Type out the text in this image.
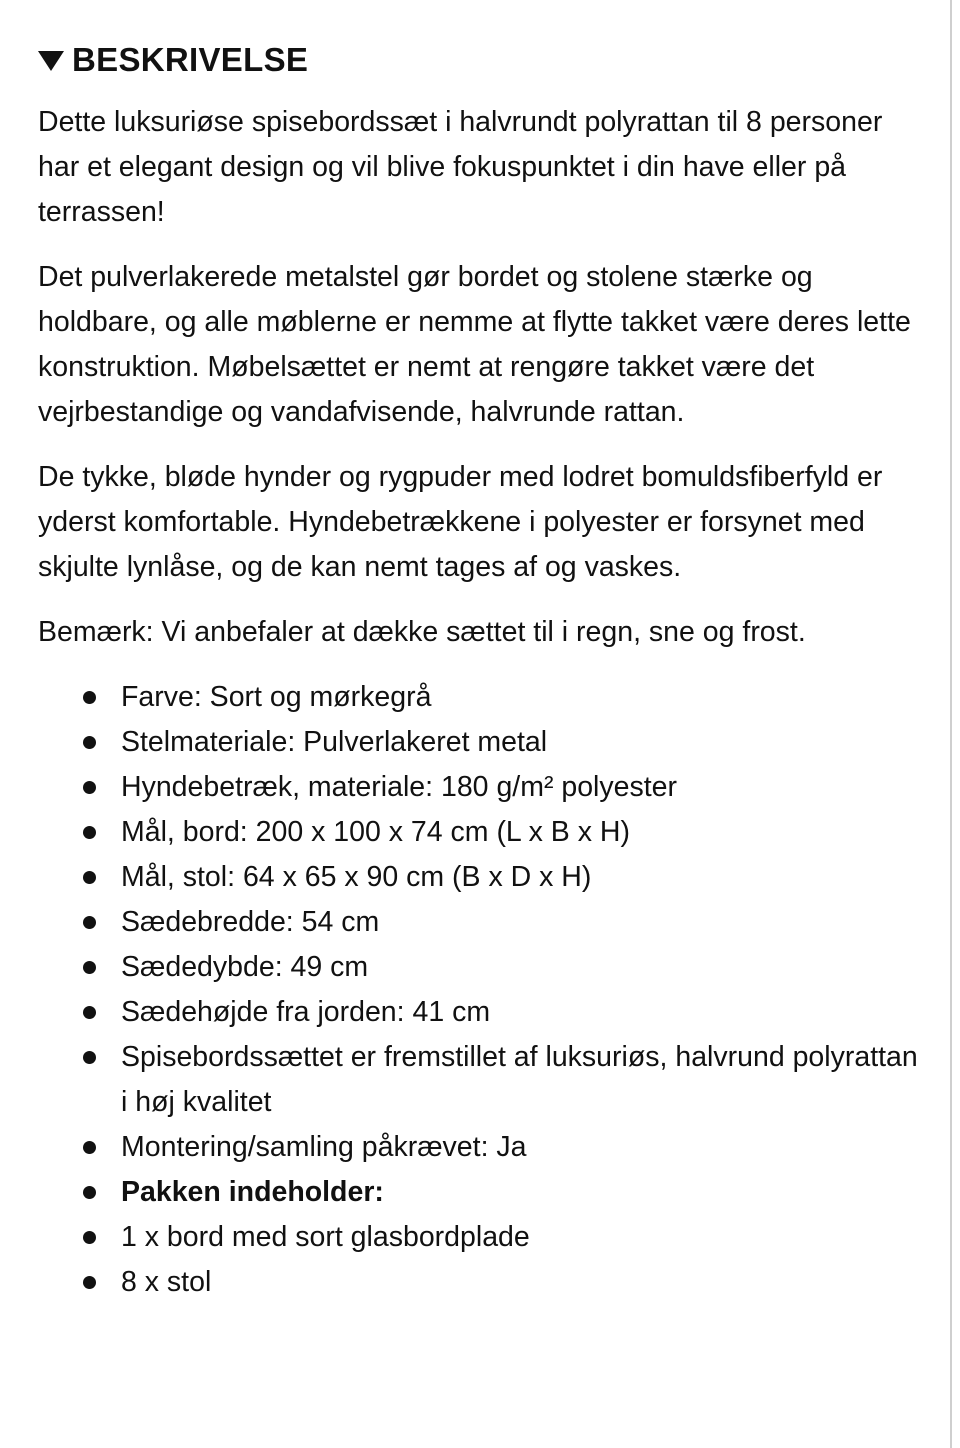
BESKRIVELSE

Dette luksuriøse spisebordssæt i halvrundt polyrattan til 8 personer har et elegant design og vil blive fokuspunktet i din have eller på terrassen!

Det pulverlakerede metalstel gør bordet og stolene stærke og holdbare, og alle møblerne er nemme at flytte takket være deres lette konstruktion. Møbelsættet er nemt at rengøre takket være det vejrbestandige og vandafvisende, halvrunde rattan.

De tykke, bløde hynder og rygpuder med lodret bomuldsfiberfyld er yderst komfortable. Hyndebetrækkene i polyester er forsynet med skjulte lynlåse, og de kan nemt tages af og vaskes.

Bemærk: Vi anbefaler at dække sættet til i regn, sne og frost.

Farve: Sort og mørkegrå
Stelmateriale: Pulverlakeret metal
Hyndebetræk, materiale: 180 g/m² polyester
Mål, bord: 200 x 100 x 74 cm (L x B x H)
Mål, stol: 64 x 65 x 90 cm (B x D x H)
Sædebredde: 54 cm
Sædedybde: 49 cm
Sædehøjde fra jorden: 41 cm
Spisebordssættet er fremstillet af luksuriøs, halvrund polyrattan i høj kvalitet
Montering/samling påkrævet: Ja
Pakken indeholder:
1 x bord med sort glasbordplade
8 x stol
